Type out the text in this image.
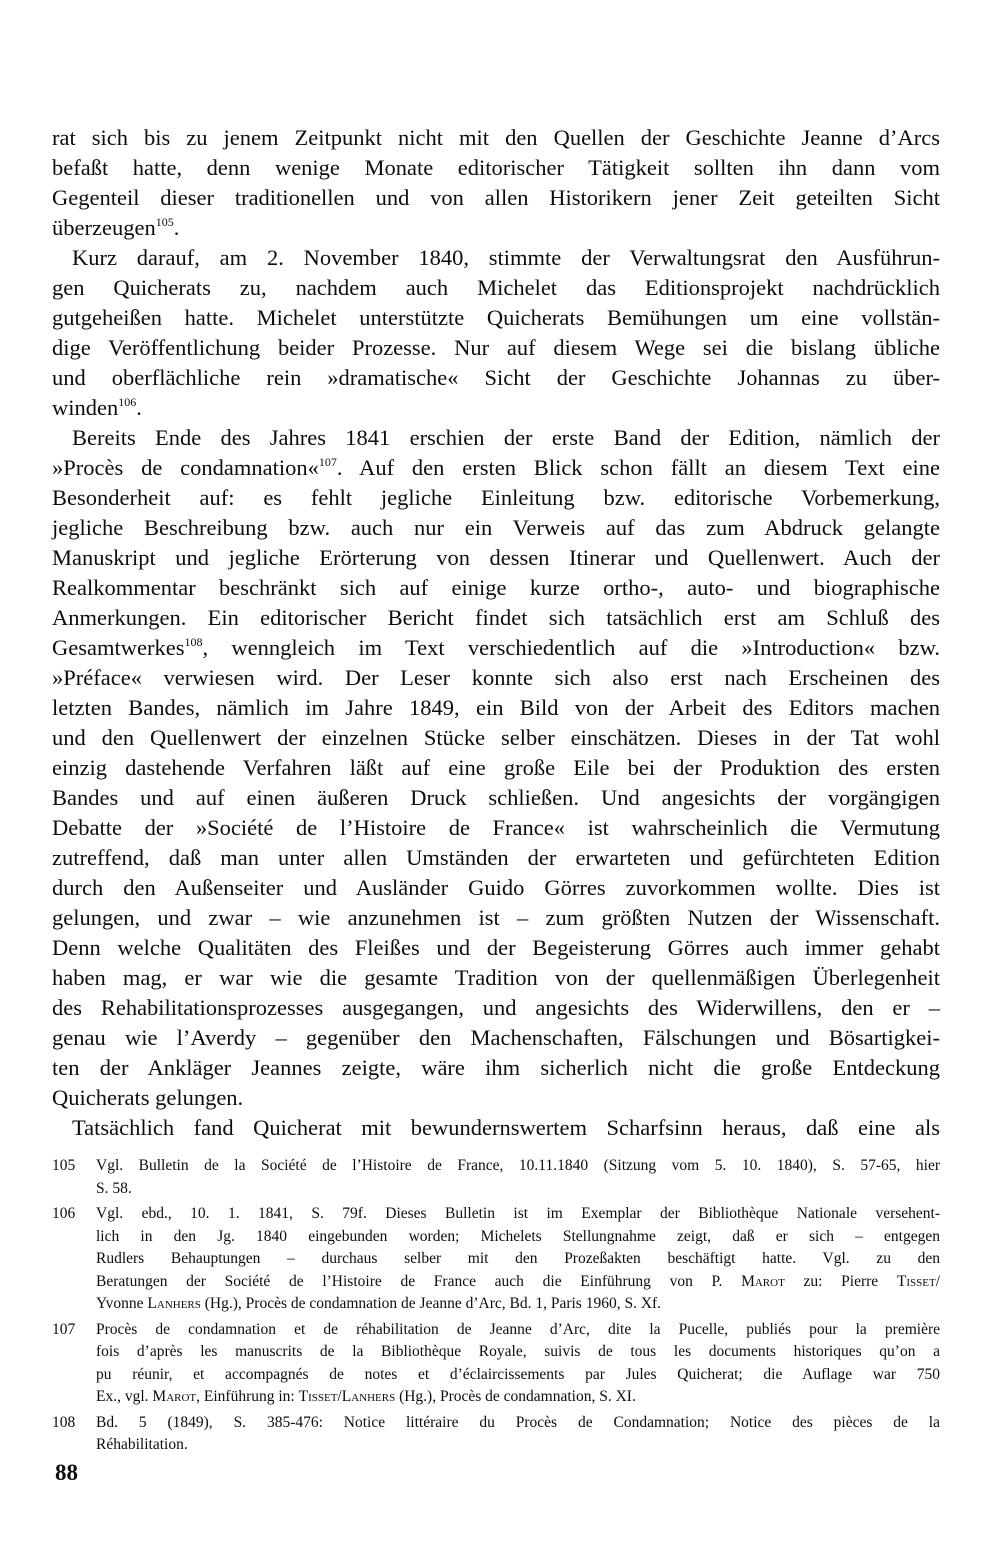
rat sich bis zu jenem Zeitpunkt nicht mit den Quellen der Geschichte Jeanne d’Arcs
befaßt hatte, denn wenige Monate editorischer Tätigkeit sollten ihn dann vom
Gegenteil dieser traditionellen und von allen Historikern jener Zeit geteilten Sicht
überzeugen$^{105}$.
Kurz darauf, am 2. November 1840, stimmte der Verwaltungsrat den Ausführun-
gen Quicherats zu, nachdem auch Michelet das Editionsprojekt nachdrücklich
gutgeheißen hatte. Michelet unterstützte Quicherats Bemühungen um eine vollstän-
dige Veröffentlichung beider Prozesse. Nur auf diesem Wege sei die bislang übliche
und oberflächliche rein »dramatische« Sicht der Geschichte Johannas zu über-
winden$^{106}$.
Bereits Ende des Jahres 1841 erschien der erste Band der Edition, nämlich der
»Procès de condamnation«$^{107}$. Auf den ersten Blick schon fällt an diesem Text eine
Besonderheit auf: es fehlt jegliche Einleitung bzw. editorische Vorbemerkung,
jegliche Beschreibung bzw. auch nur ein Verweis auf das zum Abdruck gelangte
Manuskript und jegliche Erörterung von dessen Itinerar und Quellenwert. Auch der
Realkommentar beschränkt sich auf einige kurze ortho-, auto- und biographische
Anmerkungen. Ein editorischer Bericht findet sich tatsächlich erst am Schluß des
Gesamtwerkes$^{108}$, wenngleich im Text verschiedentlich auf die »Introduction« bzw.
»Préface« verwiesen wird. Der Leser konnte sich also erst nach Erscheinen des
letzten Bandes, nämlich im Jahre 1849, ein Bild von der Arbeit des Editors machen
und den Quellenwert der einzelnen Stücke selber einschätzen. Dieses in der Tat wohl
einzig dastehende Verfahren läßt auf eine große Eile bei der Produktion des ersten
Bandes und auf einen äußeren Druck schließen. Und angesichts der vorgängigen
Debatte der »Société de l’Histoire de France« ist wahrscheinlich die Vermutung
zutreffend, daß man unter allen Umständen der erwarteten und gefürchteten Edition
durch den Außenseiter und Ausländer Guido Görres zuvorkommen wollte. Dies ist
gelungen, und zwar – wie anzunehmen ist – zum größten Nutzen der Wissenschaft.
Denn welche Qualitäten des Fleißes und der Begeisterung Görres auch immer gehabt
haben mag, er war wie die gesamte Tradition von der quellenmäßigen Überlegenheit
des Rehabilitationsprozesses ausgegangen, und angesichts des Widerwillens, den er –
genau wie l’Averdy – gegenüber den Machenschaften, Fälschungen und Bösartigkei-
ten der Ankläger Jeannes zeigte, wäre ihm sicherlich nicht die große Entdeckung
Quicherats gelungen.
Tatsächlich fand Quicherat mit bewundernswertem Scharfsinn heraus, daß eine als
105	Vgl. Bulletin de la Société de l’Histoire de France, 10.11.1840 (Sitzung vom 5. 10. 1840), S. 57-65, hier
S. 58.
106	Vgl. ebd., 10. 1. 1841, S. 79f. Dieses Bulletin ist im Exemplar der Bibliothèque Nationale versehent-
lich in den Jg. 1840 eingebunden worden; Michelets Stellungnahme zeigt, daß er sich – entgegen
Rudlers Behauptungen – durchaus selber mit den Prozeßakten beschäftigt hatte. Vgl. zu den
Beratungen der Société de l’Histoire de France auch die Einführung von P. Marot zu: Pierre Tisset/
Yvonne Lanhers (Hg.), Procès de condamnation de Jeanne d’Arc, Bd. 1, Paris 1960, S. Xf.
107	Procès de condamnation et de réhabilitation de Jeanne d’Arc, dite la Pucelle, publiés pour la première
fois d’après les manuscrits de la Bibliothèque Royale, suivis de tous les documents historiques qu’on a
pu réunir, et accompagnés de notes et d’éclaircissements par Jules Quicherat; die Auflage war 750
Ex., vgl. Marot, Einführung in: Tisset/Lanhers (Hg.), Procès de condamnation, S. XI.
108	Bd. 5 (1849), S. 385-476: Notice littéraire du Procès de Condamnation; Notice des pièces de la
Réhabilitation.
88
